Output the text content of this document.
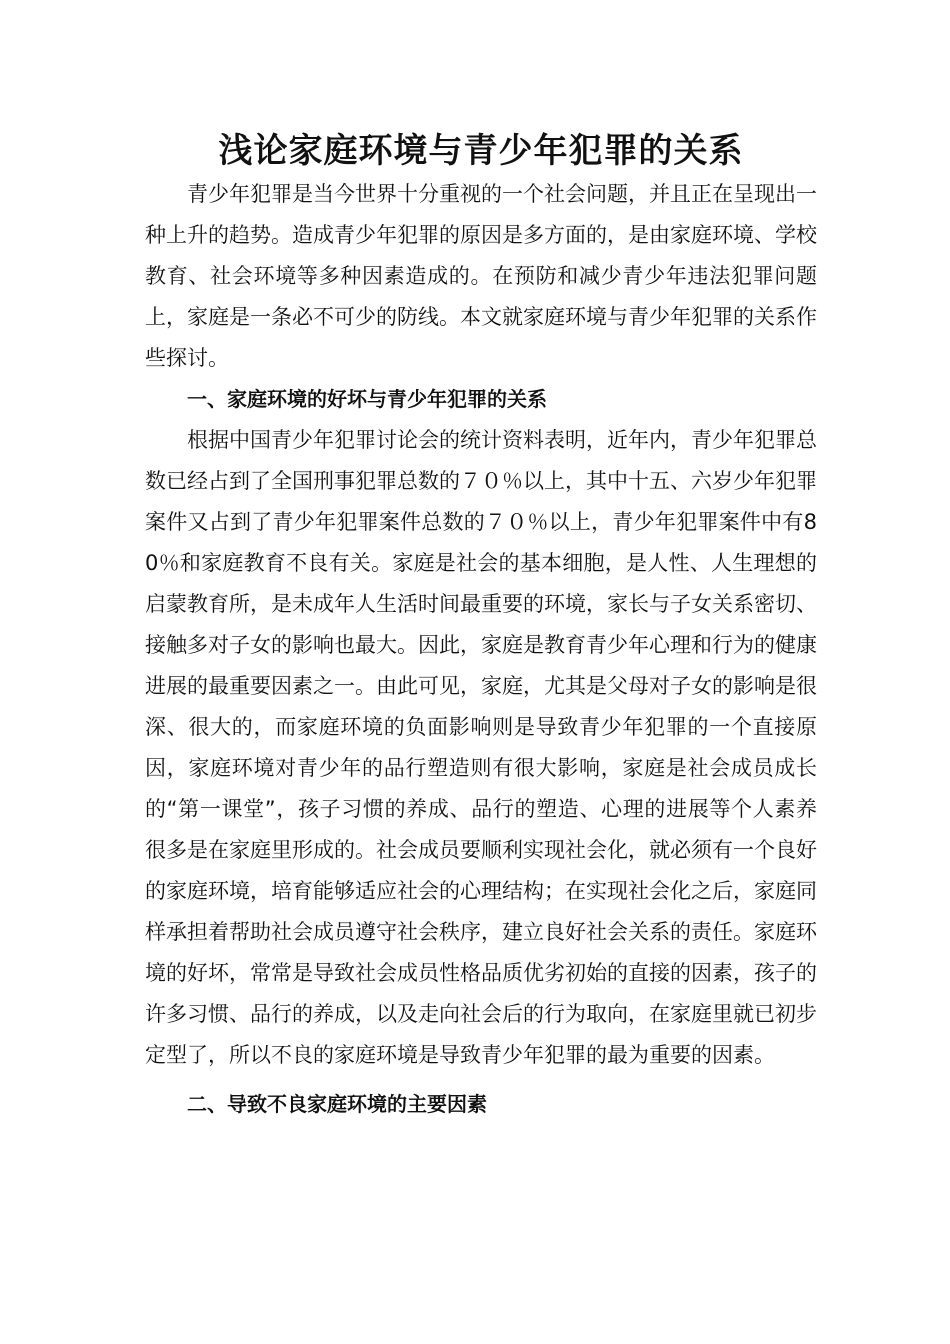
浅论家庭环境与青少年犯罪的关系

青少年犯罪是当今世界十分重视的一个社会问题，并且正在呈现出一种上升的趋势。造成青少年犯罪的原因是多方面的，是由家庭环境、学校教育、社会环境等多种因素造成的。在预防和减少青少年违法犯罪问题上，家庭是一条必不可少的防线。本文就家庭环境与青少年犯罪的关系作些探讨。

一、家庭环境的好坏与青少年犯罪的关系

根据中国青少年犯罪讨论会的统计资料表明，近年内，青少年犯罪总数已经占到了全国刑事犯罪总数的７０％以上，其中十五、六岁少年犯罪案件又占到了青少年犯罪案件总数的７０％以上，青少年犯罪案件中有80％和家庭教育不良有关。家庭是社会的基本细胞，是人性、人生理想的启蒙教育所，是未成年人生活时间最重要的环境，家长与子女关系密切、接触多对子女的影响也最大。因此，家庭是教育青少年心理和行为的健康进展的最重要因素之一。由此可见，家庭，尤其是父母对子女的影响是很深、很大的，而家庭环境的负面影响则是导致青少年犯罪的一个直接原因，家庭环境对青少年的品行塑造则有很大影响，家庭是社会成员成长的“第一课堂”，孩子习惯的养成、品行的塑造、心理的进展等个人素养很多是在家庭里形成的。社会成员要顺利实现社会化，就必须有一个良好的家庭环境，培育能够适应社会的心理结构；在实现社会化之后，家庭同样承担着帮助社会成员遵守社会秩序，建立良好社会关系的责任。家庭环境的好坏，常常是导致社会成员性格品质优劣初始的直接的因素，孩子的许多习惯、品行的养成，以及走向社会后的行为取向，在家庭里就已初步定型了，所以不良的家庭环境是导致青少年犯罪的最为重要的因素。

二、导致不良家庭环境的主要因素
